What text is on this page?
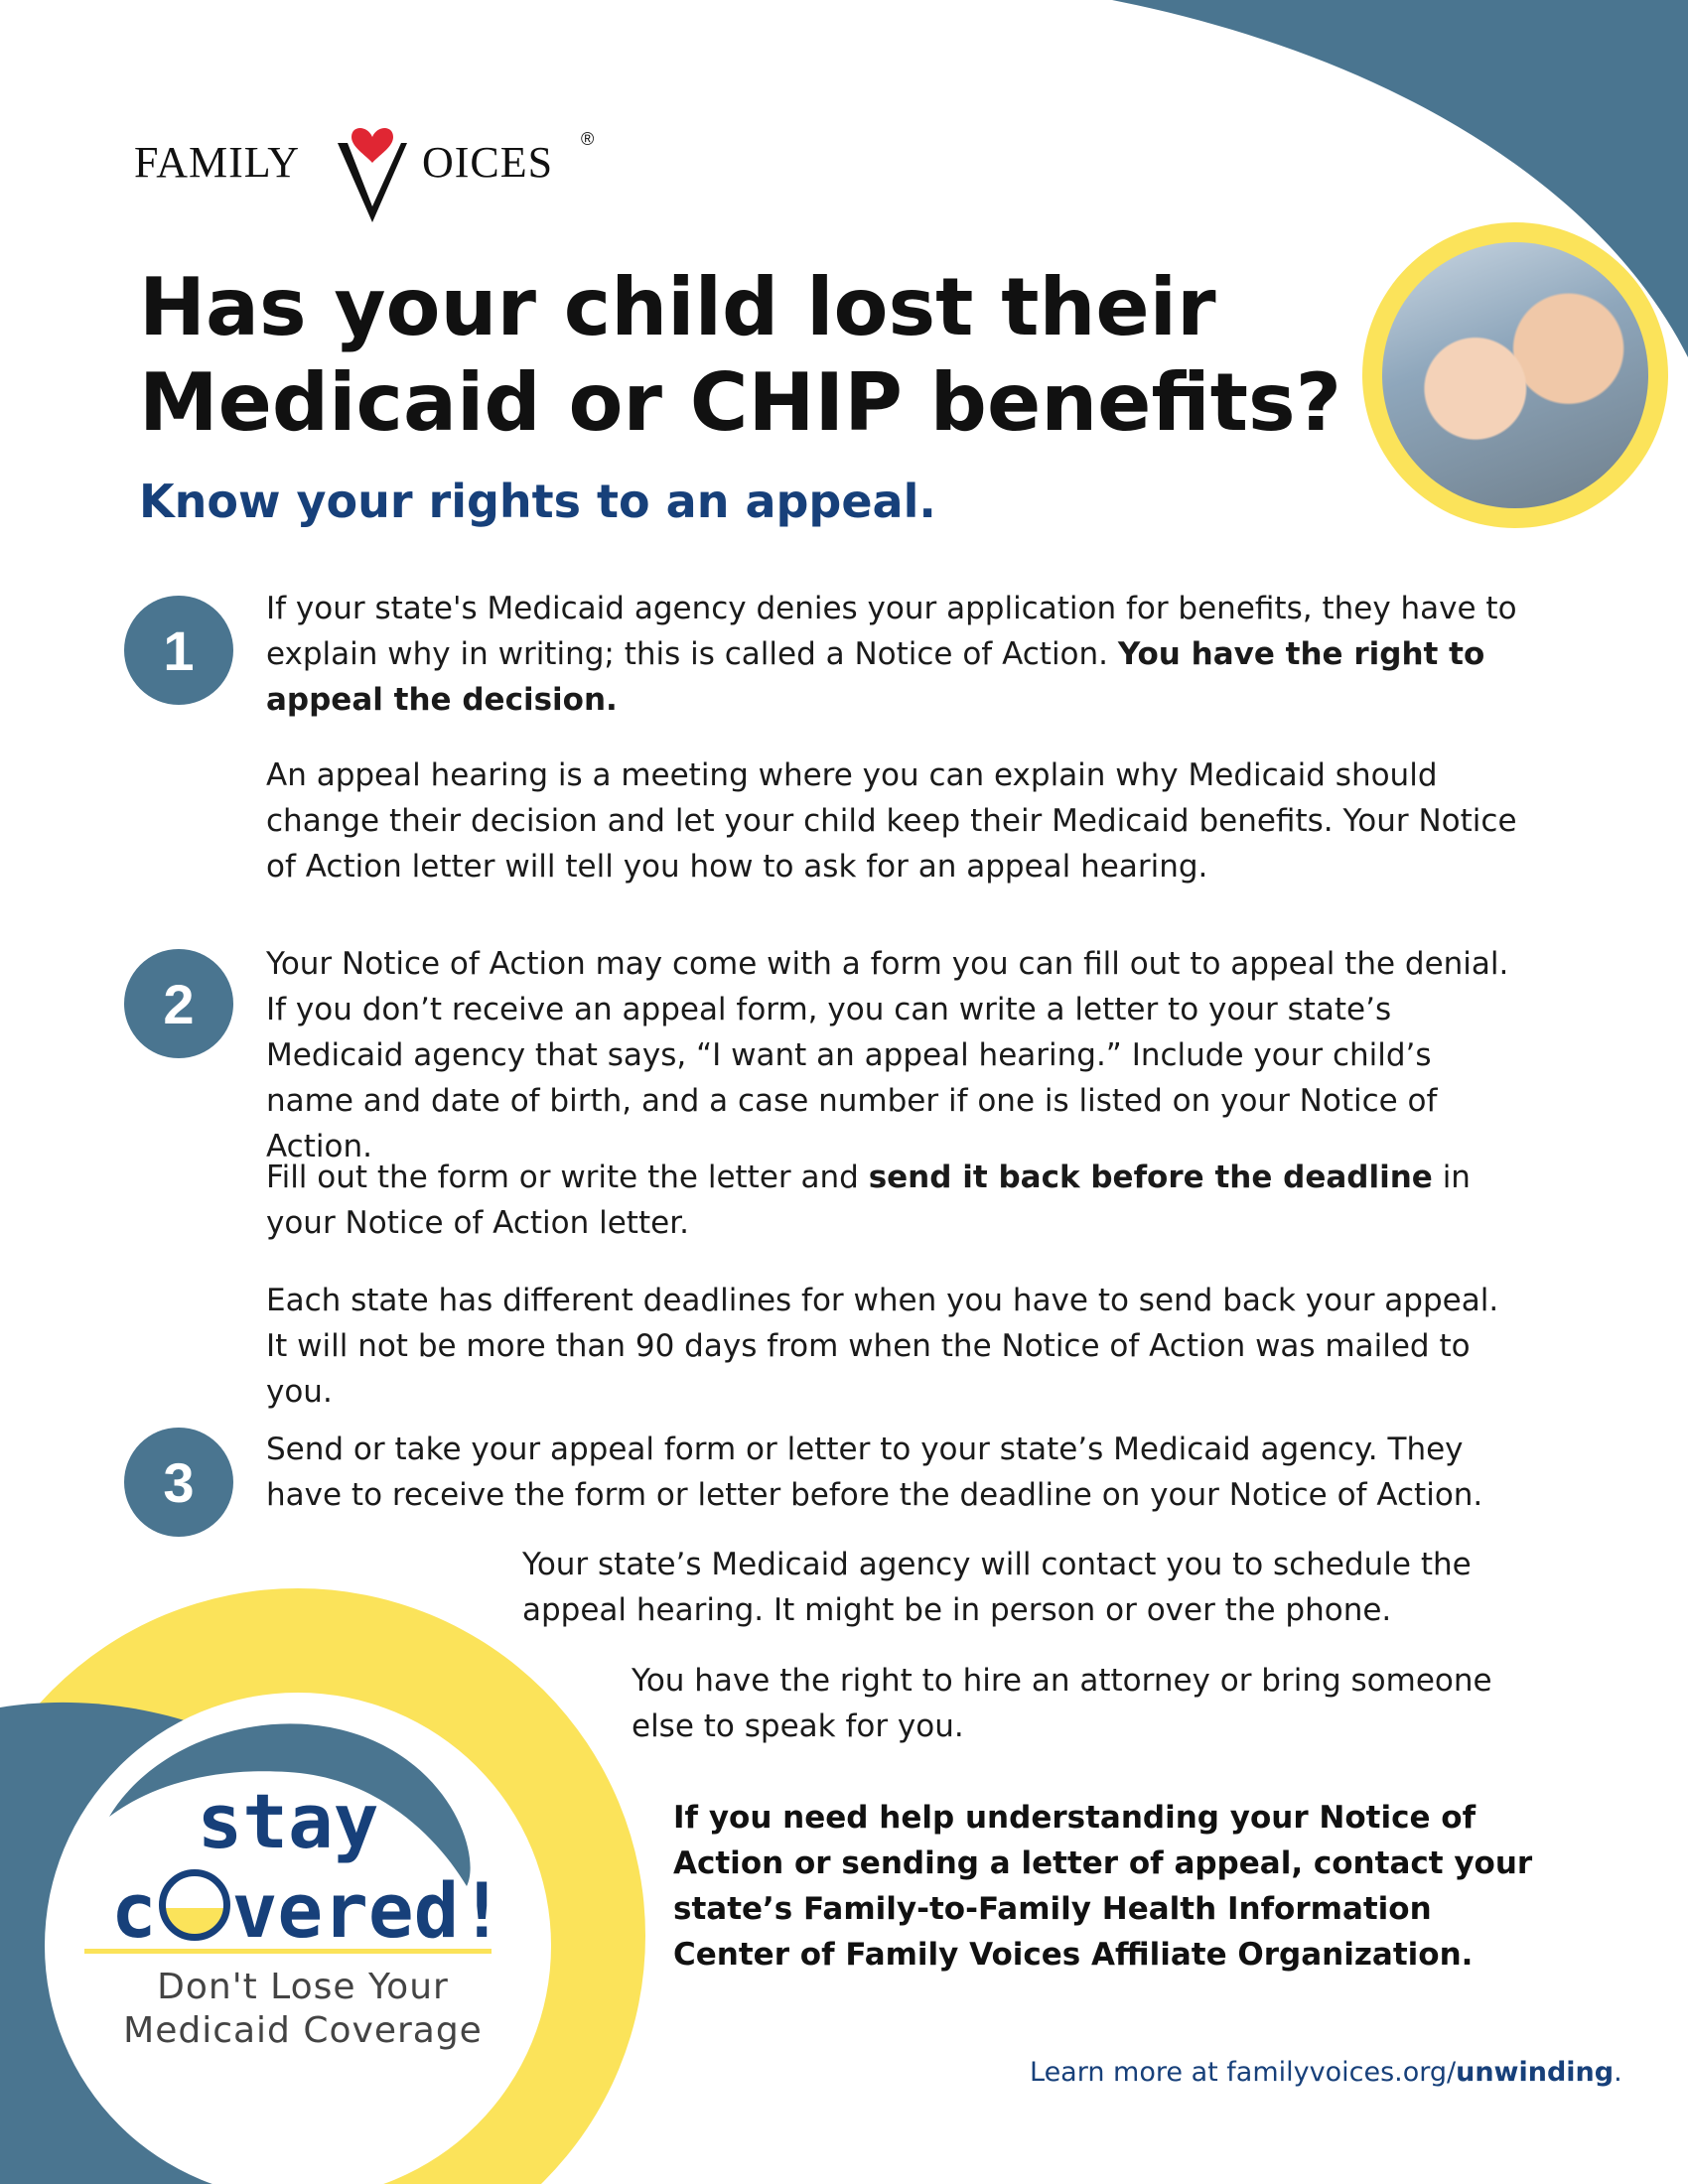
FAMILY	OICES ®
Has your child lost their Medicaid or CHIP benefits?
Know your rights to an appeal.
1
2
3

If your state's Medicaid agency denies your application for benefits, they have to explain why in writing; this is called a Notice of Action. You have the right to appeal the decision.

An appeal hearing is a meeting where you can explain why Medicaid should change their decision and let your child keep their Medicaid benefits. Your Notice of Action letter will tell you how to ask for an appeal hearing.

Your Notice of Action may come with a form you can fill out to appeal the denial. If you don’t receive an appeal form, you can write a letter to your state’s Medicaid agency that says, “I want an appeal hearing.” Include your child’s name and date of birth, and a case number if one is listed on your Notice of Action.

Fill out the form or write the letter and send it back before the deadline in your Notice of Action letter.

Each state has different deadlines for when you have to send back your appeal. It will not be more than 90 days from when the Notice of Action was mailed to you.

Send or take your appeal form or letter to your state’s Medicaid agency. They have to receive the form or letter before the deadline on your Notice of Action.

Your state’s Medicaid agency will contact you to schedule the appeal hearing. It might be in person or over the phone.

You have the right to hire an attorney or bring someone else to speak for you.

If you need help understanding your Notice of Action or sending a letter of appeal, contact your state’s Family-to-Family Health Information Center of Family Voices Affiliate Organization.

stay
c vered!
Don't Lose Your
Medicaid Coverage
Learn more at familyvoices.org/unwinding.
